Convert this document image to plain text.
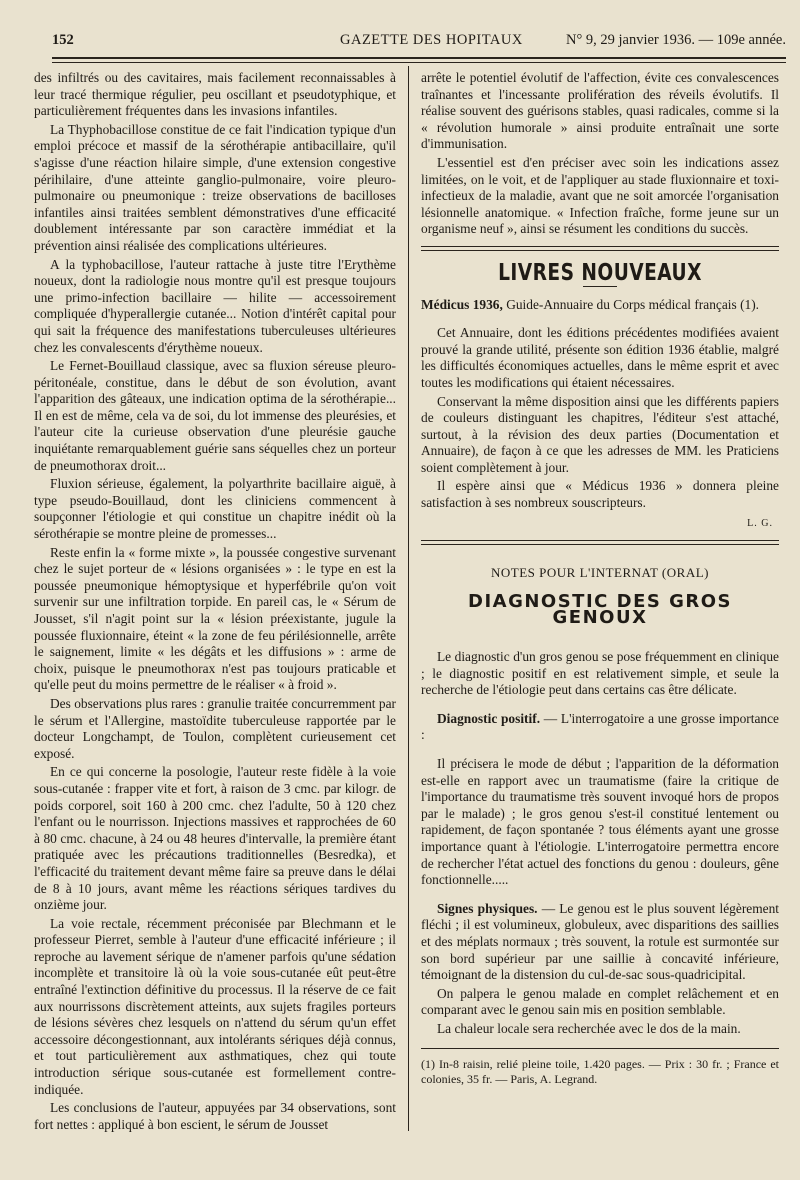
152	GAZETTE DES HOPITAUX	N° 9, 29 janvier 1936. — 109e année.

des infiltrés ou des cavitaires, mais facilement reconnaissables à leur tracé thermique régulier, peu oscillant et pseudotyphique, et particulièrement fréquentes dans les invasions infantiles.

La Thyphobacillose constitue de ce fait l'indication typique d'un emploi précoce et massif de la sérothérapie antibacillaire, qu'il s'agisse d'une réaction hilaire simple, d'une extension congestive périhilaire, d'une atteinte ganglio-pulmonaire, voire pleuro-pulmonaire ou pneumonique : treize observations de bacilloses infantiles ainsi traitées semblent démonstratives d'une efficacité doublement intéressante par son caractère immédiat et la prévention ainsi réalisée des complications ultérieures.

A la typhobacillose, l'auteur rattache à juste titre l'Erythème noueux, dont la radiologie nous montre qu'il est presque toujours une primo-infection bacillaire — hilite — accessoirement compliquée d'hyperallergie cutanée... Notion d'intérêt capital pour qui sait la fréquence des manifestations tuberculeuses ultérieures chez les convalescents d'érythème noueux.

Le Fernet-Bouillaud classique, avec sa fluxion séreuse pleuro-péritonéale, constitue, dans le début de son évolution, avant l'apparition des gâteaux, une indication optima de la sérothérapie... Il en est de même, cela va de soi, du lot immense des pleurésies, et l'auteur cite la curieuse observation d'une pleurésie gauche inquiétante remarquablement guérie sans séquelles chez un porteur de pneumothorax droit...

Fluxion sérieuse, également, la polyarthrite bacillaire aiguë, à type pseudo-Bouillaud, dont les cliniciens commencent à soupçonner l'étiologie et qui constitue un chapitre inédit où la sérothérapie se montre pleine de promesses...

Reste enfin la « forme mixte », la poussée congestive survenant chez le sujet porteur de « lésions organisées » : le type en est la poussée pneumonique hémoptysique et hyperfébrile qu'on voit survenir sur une infiltration torpide. En pareil cas, le « Sérum de Jousset, s'il n'agit point sur la « lésion préexistante, jugule la poussée fluxionnaire, éteint « la zone de feu périlésionnelle, arrête le saignement, limite « les dégâts et les diffusions » : arme de choix, puisque le pneumothorax n'est pas toujours praticable et qu'elle peut du moins permettre de le réaliser « à froid ».

Des observations plus rares : granulie traitée concurremment par le sérum et l'Allergine, mastoïdite tuberculeuse rapportée par le docteur Longchampt, de Toulon, complètent curieusement cet exposé.

En ce qui concerne la posologie, l'auteur reste fidèle à la voie sous-cutanée : frapper vite et fort, à raison de 3 cmc. par kilogr. de poids corporel, soit 160 à 200 cmc. chez l'adulte, 50 à 120 chez l'enfant ou le nourrisson. Injections massives et rapprochées de 60 à 80 cmc. chacune, à 24 ou 48 heures d'intervalle, la première étant pratiquée avec les précautions traditionnelles (Besredka), et l'efficacité du traitement devant même faire sa preuve dans le délai de 8 à 10 jours, avant même les réactions sériques tardives du onzième jour.

La voie rectale, récemment préconisée par Blechmann et le professeur Pierret, semble à l'auteur d'une efficacité inférieure ; il reproche au lavement sérique de n'amener parfois qu'une sédation incomplète et transitoire là où la voie sous-cutanée eût peut-être entraîné l'extinction définitive du processus. Il la réserve de ce fait aux nourrissons discrètement atteints, aux sujets fragiles porteurs de lésions sévères chez lesquels on n'attend du sérum qu'un effet accessoire décongestionnant, aux intolérants sériques déjà connus, et tout particulièrement aux asthmatiques, chez qui toute introduction sérique sous-cutanée est formellement contre-indiquée.

Les conclusions de l'auteur, appuyées par 34 observations, sont fort nettes : appliqué à bon escient, le sérum de Jousset

arrête le potentiel évolutif de l'affection, évite ces convalescences traînantes et l'incessante prolifération des réveils évolutifs. Il réalise souvent des guérisons stables, quasi radicales, comme si la « révolution humorale » ainsi produite entraînait une sorte d'immunisation.

L'essentiel est d'en préciser avec soin les indications assez limitées, on le voit, et de l'appliquer au stade fluxionnaire et toxi-infectieux de la maladie, avant que ne soit amorcée l'organisation lésionnelle anatomique. « Infection fraîche, forme jeune sur un organisme neuf », ainsi se résument les conditions du succès.

LIVRES NOUVEAUX

Médicus 1936, Guide-Annuaire du Corps médical français (1).

Cet Annuaire, dont les éditions précédentes modifiées avaient prouvé la grande utilité, présente son édition 1936 établie, malgré les difficultés économiques actuelles, dans le même esprit et avec toutes les modifications qui étaient nécessaires.

Conservant la même disposition ainsi que les différents papiers de couleurs distinguant les chapitres, l'éditeur s'est attaché, surtout, à la révision des deux parties (Documentation et Annuaire), de façon à ce que les adresses de MM. les Praticiens soient complètement à jour.

Il espère ainsi que « Médicus 1936 » donnera pleine satisfaction à ses nombreux souscripteurs.

L. G.
NOTES POUR L'INTERNAT (ORAL)
DIAGNOSTIC DES GROS GENOUX

Le diagnostic d'un gros genou se pose fréquemment en clinique ; le diagnostic positif en est relativement simple, et seule la recherche de l'étiologie peut dans certains cas être délicate.

Diagnostic positif. — L'interrogatoire a une grosse importance :

Il précisera le mode de début ; l'apparition de la déformation est-elle en rapport avec un traumatisme (faire la critique de l'importance du traumatisme très souvent invoqué hors de propos par le malade) ; le gros genou s'est-il constitué lentement ou rapidement, de façon spontanée ? tous éléments ayant une grosse importance quant à l'étiologie. L'interrogatoire permettra encore de rechercher l'état actuel des fonctions du genou : douleurs, gêne fonctionnelle.....

Signes physiques. — Le genou est le plus souvent légèrement fléchi ; il est volumineux, globuleux, avec disparitions des saillies et des méplats normaux ; très souvent, la rotule est surmontée sur son bord supérieur par une saillie à concavité inférieure, témoignant de la distension du cul-de-sac sous-quadricipital.

On palpera le genou malade en complet relâchement et en comparant avec le genou sain mis en position semblable.

La chaleur locale sera recherchée avec le dos de la main.

(1) In-8 raisin, relié pleine toile, 1.420 pages. — Prix : 30 fr. ; France et colonies, 35 fr. — Paris, A. Legrand.
